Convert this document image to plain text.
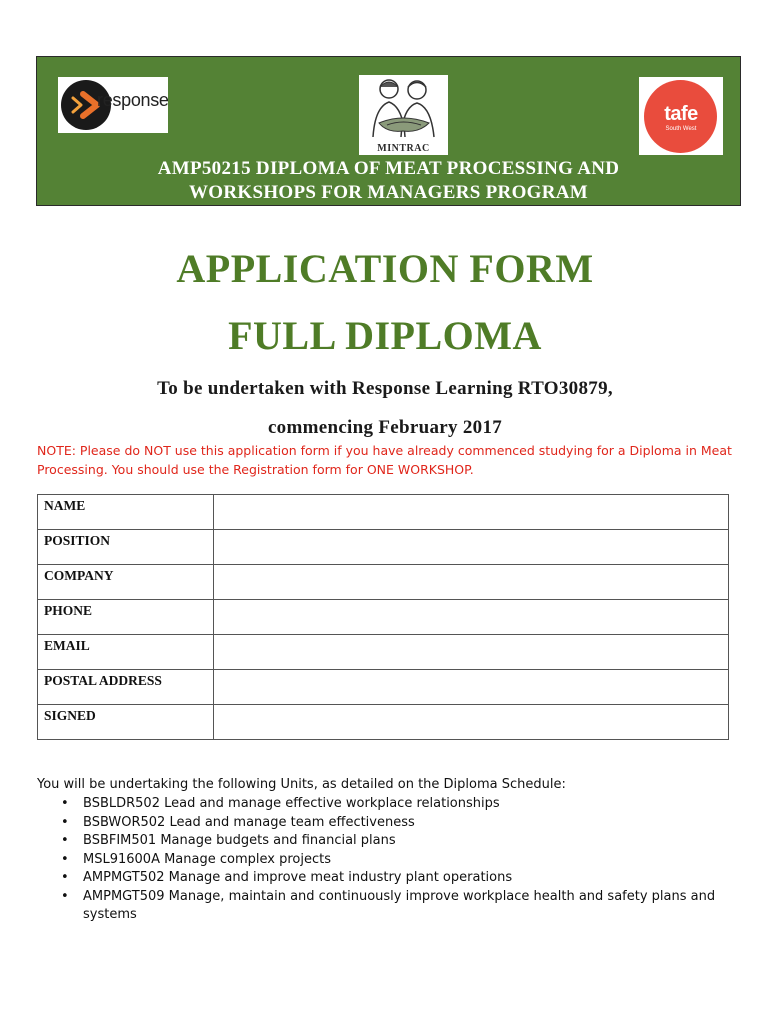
response
MINTRAC
tafe
South West
AMP50215 DIPLOMA OF MEAT PROCESSING AND
WORKSHOPS FOR MANAGERS PROGRAM
APPLICATION FORM
FULL DIPLOMA
To be undertaken with Response Learning RTO30879,
commencing February 2017
NOTE: Please do NOT use this application form if you have already commenced studying for a Diploma in Meat Processing. You should use the Registration form for ONE WORKSHOP.
NAME	
POSITION	
COMPANY	
PHONE	
EMAIL	
POSTAL ADDRESS	
SIGNED	
You will be undertaking the following Units, as detailed on the Diploma Schedule:
• BSBLDR502 Lead and manage effective workplace relationships
• BSBWOR502 Lead and manage team effectiveness
• BSBFIM501 Manage budgets and financial plans
• MSL91600A Manage complex projects
• AMPMGT502 Manage and improve meat industry plant operations
• AMPMGT509 Manage, maintain and continuously improve workplace health and safety plans and systems
